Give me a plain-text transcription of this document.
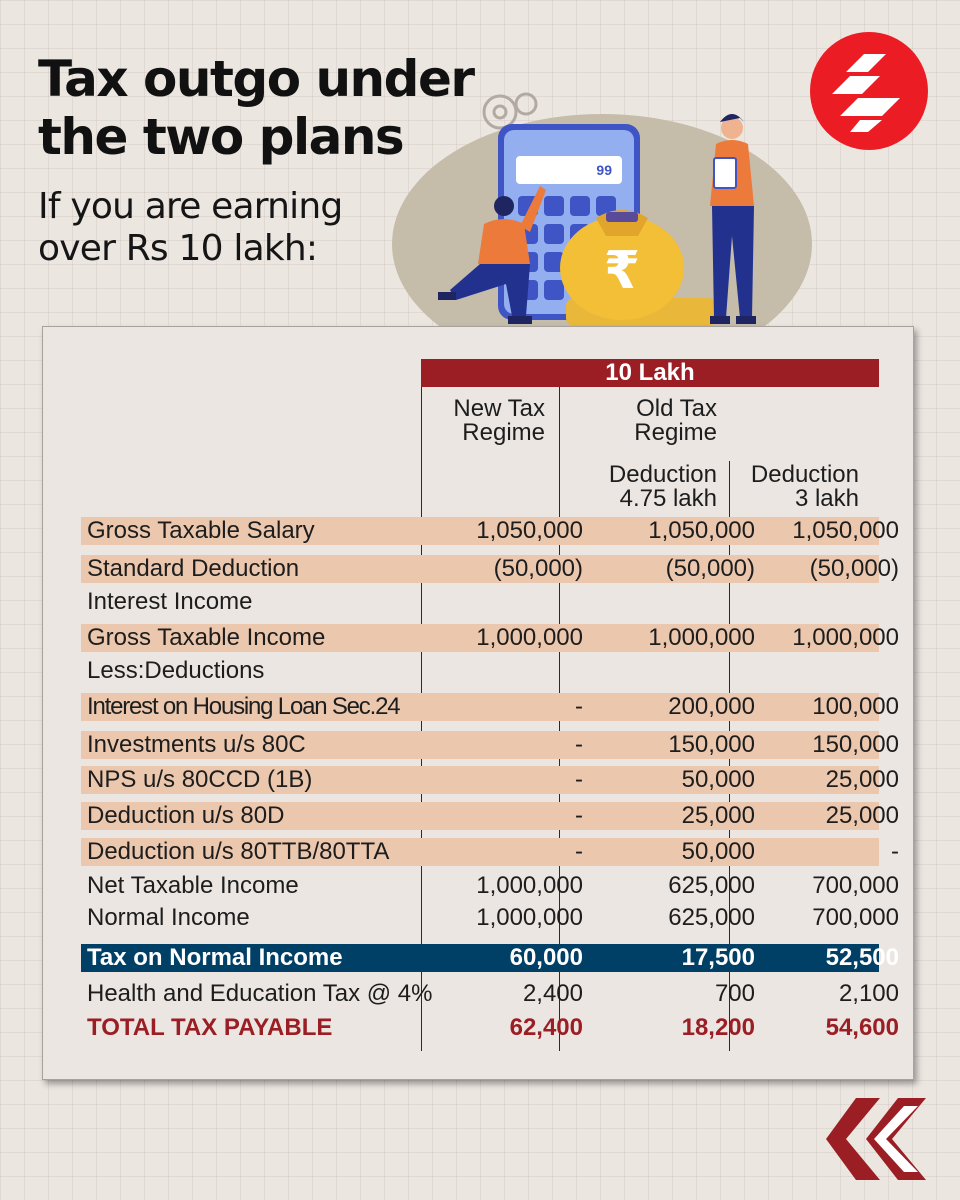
Tax outgo under the two plans

If you are earning over Rs 10 lakh:

99
₹
10 Lakh
New Tax
Regime
Old Tax
Regime
Deduction
4.75 lakh
Deduction
3 lakh
Gross Taxable Salary	1,050,000	1,050,000	1,050,000
Standard Deduction	(50,000)	(50,000)	(50,000)
Interest Income
Gross Taxable Income	1,000,000	1,000,000	1,000,000
Less:Deductions
Interest on Housing Loan Sec.24	-	200,000	100,000
Investments u/s 80C	-	150,000	150,000
NPS u/s 80CCD (1B)	-	50,000	25,000
Deduction u/s 80D	-	25,000	25,000
Deduction u/s 80TTB/80TTA	-	50,000	-
Net Taxable Income	1,000,000	625,000	700,000
Normal Income	1,000,000	625,000	700,000
Tax on Normal Income	60,000	17,500	52,500
Health and Education Tax @ 4%	2,400	700	2,100
TOTAL TAX PAYABLE	62,400	18,200	54,600
